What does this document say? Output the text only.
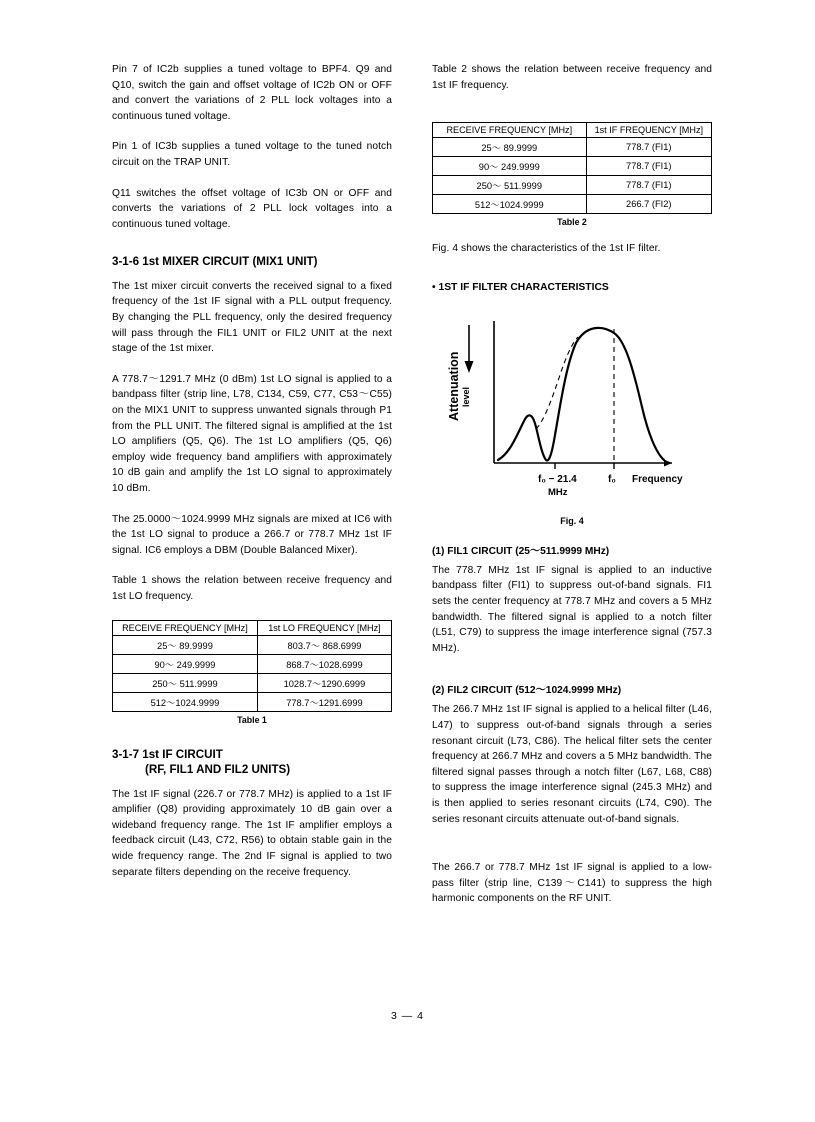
Pin 7 of IC2b supplies a tuned voltage to BPF4. Q9 and Q10, switch the gain and offset voltage of IC2b ON or OFF and convert the variations of 2 PLL lock voltages into a continuous tuned voltage.

Pin 1 of IC3b supplies a tuned voltage to the tuned notch circuit on the TRAP UNIT.

Q11 switches the offset voltage of IC3b ON or OFF and converts the variations of 2 PLL lock voltages into a continuous tuned voltage.

3-1-6 1st MIXER CIRCUIT (MIX1 UNIT)

The 1st mixer circuit converts the received signal to a fixed frequency of the 1st IF signal with a PLL output frequency. By changing the PLL frequency, only the desired frequency will pass through the FIL1 UNIT or FIL2 UNIT at the next stage of the 1st mixer.

A 778.7～1291.7 MHz (0 dBm) 1st LO signal is applied to a bandpass filter (strip line, L78, C134, C59, C77, C53～C55) on the MIX1 UNIT to suppress unwanted signals through P1 from the PLL UNIT. The filtered signal is amplified at the 1st LO amplifiers (Q5, Q6). The 1st LO amplifiers (Q5, Q6) employ wide frequency band amplifiers with approximately 10 dB gain and amplify the 1st LO signal to approximately 10 dBm.

The 25.0000～1024.9999 MHz signals are mixed at IC6 with the 1st LO signal to produce a 266.7 or 778.7 MHz 1st IF signal. IC6 employs a DBM (Double Balanced Mixer).

Table 1 shows the relation between receive frequency and 1st LO frequency.

RECEIVE FREQUENCY [MHz]	1st LO FREQUENCY [MHz]
25～ 89.9999	803.7～ 868.6999
90～ 249.9999	868.7～1028.6999
250～ 511.9999	1028.7～1290.6999
512～1024.9999	778.7～1291.6999
Table 1
3-1-7 1st IF CIRCUIT
(RF, FIL1 AND FIL2 UNITS)

The 1st IF signal (226.7 or 778.7 MHz) is applied to a 1st IF amplifier (Q8) providing approximately 10 dB gain over a wideband frequency range. The 1st IF amplifier employs a feedback circuit (L43, C72, R56) to obtain stable gain in the wide frequency range. The 2nd IF signal is applied to two separate filters depending on the receive frequency.

Table 2 shows the relation between receive frequency and 1st IF frequency.

RECEIVE FREQUENCY [MHz]	1st IF FREQUENCY [MHz]
25～ 89.9999	778.7 (FI1)
90～ 249.9999	778.7 (FI1)
250～ 511.9999	778.7 (FI1)
512～1024.9999	266.7 (FI2)
Table 2

Fig. 4 shows the characteristics of the 1st IF filter.

• 1ST IF FILTER CHARACTERISTICS
Attenuation level
f₀ − 21.4
MHz
f₀ Frequency
Fig. 4
(1) FIL1 CIRCUIT (25～511.9999 MHz)

The 778.7 MHz 1st IF signal is applied to an inductive bandpass filter (FI1) to suppress out-of-band signals. FI1 sets the center frequency at 778.7 MHz and covers a 5 MHz bandwidth. The filtered signal is applied to a notch filter (L51, C79) to suppress the image interference signal (757.3 MHz).

(2) FIL2 CIRCUIT (512～1024.9999 MHz)

The 266.7 MHz 1st IF signal is applied to a helical filter (L46, L47) to suppress out-of-band signals through a series resonant circuit (L73, C86). The helical filter sets the center frequency at 266.7 MHz and covers a 5 MHz bandwidth. The filtered signal passes through a notch filter (L67, L68, C88) to suppress the image interference signal (245.3 MHz) and is then applied to series resonant circuits (L74, C90). The series resonant circuits attenuate out-of-band signals.

The 266.7 or 778.7 MHz 1st IF signal is applied to a low-pass filter (strip line, C139～C141) to suppress the high harmonic components on the RF UNIT.

3 — 4
